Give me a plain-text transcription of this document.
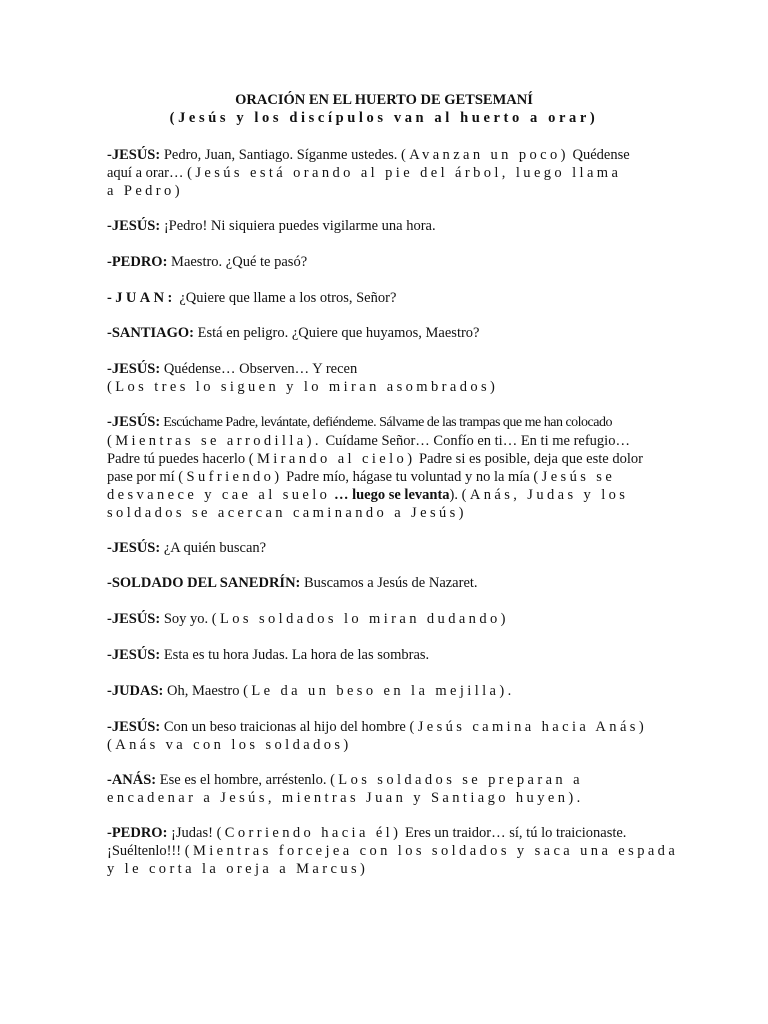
ORACIÓN EN EL HUERTO DE GETSEMANÍ
(Jesús y los discípulos van al huerto a orar)
-JESÚS: Pedro, Juan, Santiago. Síganme ustedes. (Avanzan un poco) Quédense
aquí a orar… (Jesús está orando al pie del árbol, luego llama
a Pedro)
-JESÚS: ¡Pedro! Ni siquiera puedes vigilarme una hora.
-PEDRO: Maestro. ¿Qué te pasó?
-JUAN: ¿Quiere que llame a los otros, Señor?
-SANTIAGO: Está en peligro. ¿Quiere que huyamos, Maestro?
-JESÚS: Quédense… Observen… Y recen
(Los tres lo siguen y lo miran asombrados)
-JESÚS: Escúchame Padre, levántate, defiéndeme. Sálvame de las trampas que me han colocado
(Mientras se arrodilla). Cuídame Señor… Confío en ti… En ti me refugio…
Padre tú puedes hacerlo (Mirando al cielo) Padre si es posible, deja que este dolor
pase por mí (Sufriendo) Padre mío, hágase tu voluntad y no la mía (Jesús se
desvanece y cae al suelo … luego se levanta). (Anás, Judas y los
soldados se acercan caminando a Jesús)
-JESÚS: ¿A quién buscan?
-SOLDADO DEL SANEDRÍN: Buscamos a Jesús de Nazaret.
-JESÚS: Soy yo. (Los soldados lo miran dudando)
-JESÚS: Esta es tu hora Judas. La hora de las sombras.
-JUDAS: Oh, Maestro (Le da un beso en la mejilla).
-JESÚS: Con un beso traicionas al hijo del hombre (Jesús camina hacia Anás)
(Anás va con los soldados)
-ANÁS: Ese es el hombre, arréstenlo. (Los soldados se preparan a
encadenar a Jesús, mientras Juan y Santiago huyen).
-PEDRO: ¡Judas! (Corriendo hacia él) Eres un traidor… sí, tú lo traicionaste.
¡Suéltenlo!!! (Mientras forcejea con los soldados y saca una espada
y le corta la oreja a Marcus)
